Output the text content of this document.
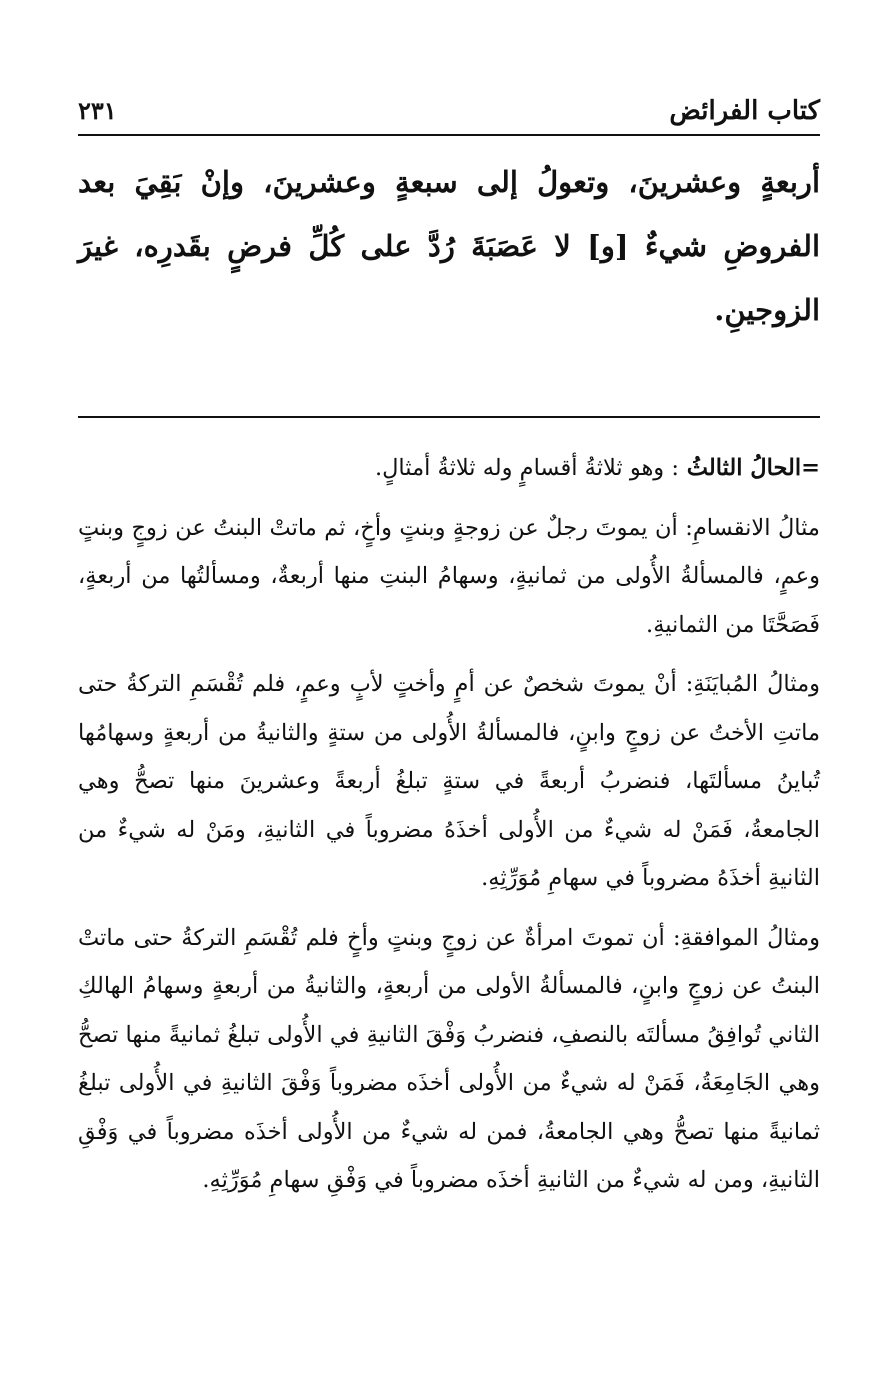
كتاب الفرائض
٢٣١

أربعةٍ وعشرينَ، وتعولُ إلى سبعةٍ وعشرينَ، وإنْ بَقِيَ بعد الفروضِ شيءٌ [و] لا عَصَبَةَ رُدَّ على كُلِّ فرضٍ بقَدرِه، غيرَ الزوجينِ.

=الحالُ الثالثُ : وهو ثلاثةُ أقسامٍ وله ثلاثةُ أمثالٍ.

مثالُ الانقسامِ: أن يموتَ رجلٌ عن زوجةٍ وبنتٍ وأخٍ، ثم ماتتْ البنتُ عن زوجٍ وبنتٍ وعمٍ، فالمسألةُ الأُولى من ثمانيةٍ، وسهامُ البنتِ منها أربعةٌ، ومسألتُها من أربعةٍ، فَصَحَّتَا من الثمانيةِ.

ومثالُ المُبايَنَةِ: أنْ يموتَ شخصٌ عن أمٍ وأختٍ لأبٍ وعمٍ، فلم تُقْسَمِ التركةُ حتى ماتتِ الأختُ عن زوجٍ وابنٍ، فالمسألةُ الأُولى من ستةٍ والثانيةُ من أربعةٍ وسهامُها تُباينُ مسألتَها، فنضربُ أربعةً في ستةٍ تبلغُ أربعةً وعشرينَ منها تصحُّ وهي الجامعةُ، فَمَنْ له شيءٌ من الأُولى أخذَهُ مضروباً في الثانيةِ، ومَنْ له شيءٌ من الثانيةِ أخذَهُ مضروباً في سهامِ مُوَرِّثِهِ.

ومثالُ الموافقةِ: أن تموتَ امرأةٌ عن زوجٍ وبنتٍ وأخٍ فلم تُقْسَمِ التركةُ حتى ماتتْ البنتُ عن زوجٍ وابنٍ، فالمسألةُ الأولى من أربعةٍ، والثانيةُ من أربعةٍ وسهامُ الهالكِ الثاني تُوافِقُ مسألتَه بالنصفِ، فنضربُ وَفْقَ الثانيةِ في الأُولى تبلغُ ثمانيةً منها تصحُّ وهي الجَامِعَةُ، فَمَنْ له شيءٌ من الأُولى أخذَه مضروباً وَفْقَ الثانيةِ في الأُولى تبلغُ ثمانيةً منها تصحُّ وهي الجامعةُ، فمن له شيءٌ من الأُولى أخذَه مضروباً في وَفْقِ الثانيةِ، ومن له شيءٌ من الثانيةِ أخذَه مضروباً في وَفْقِ سهامِ مُوَرِّثِهِ.
